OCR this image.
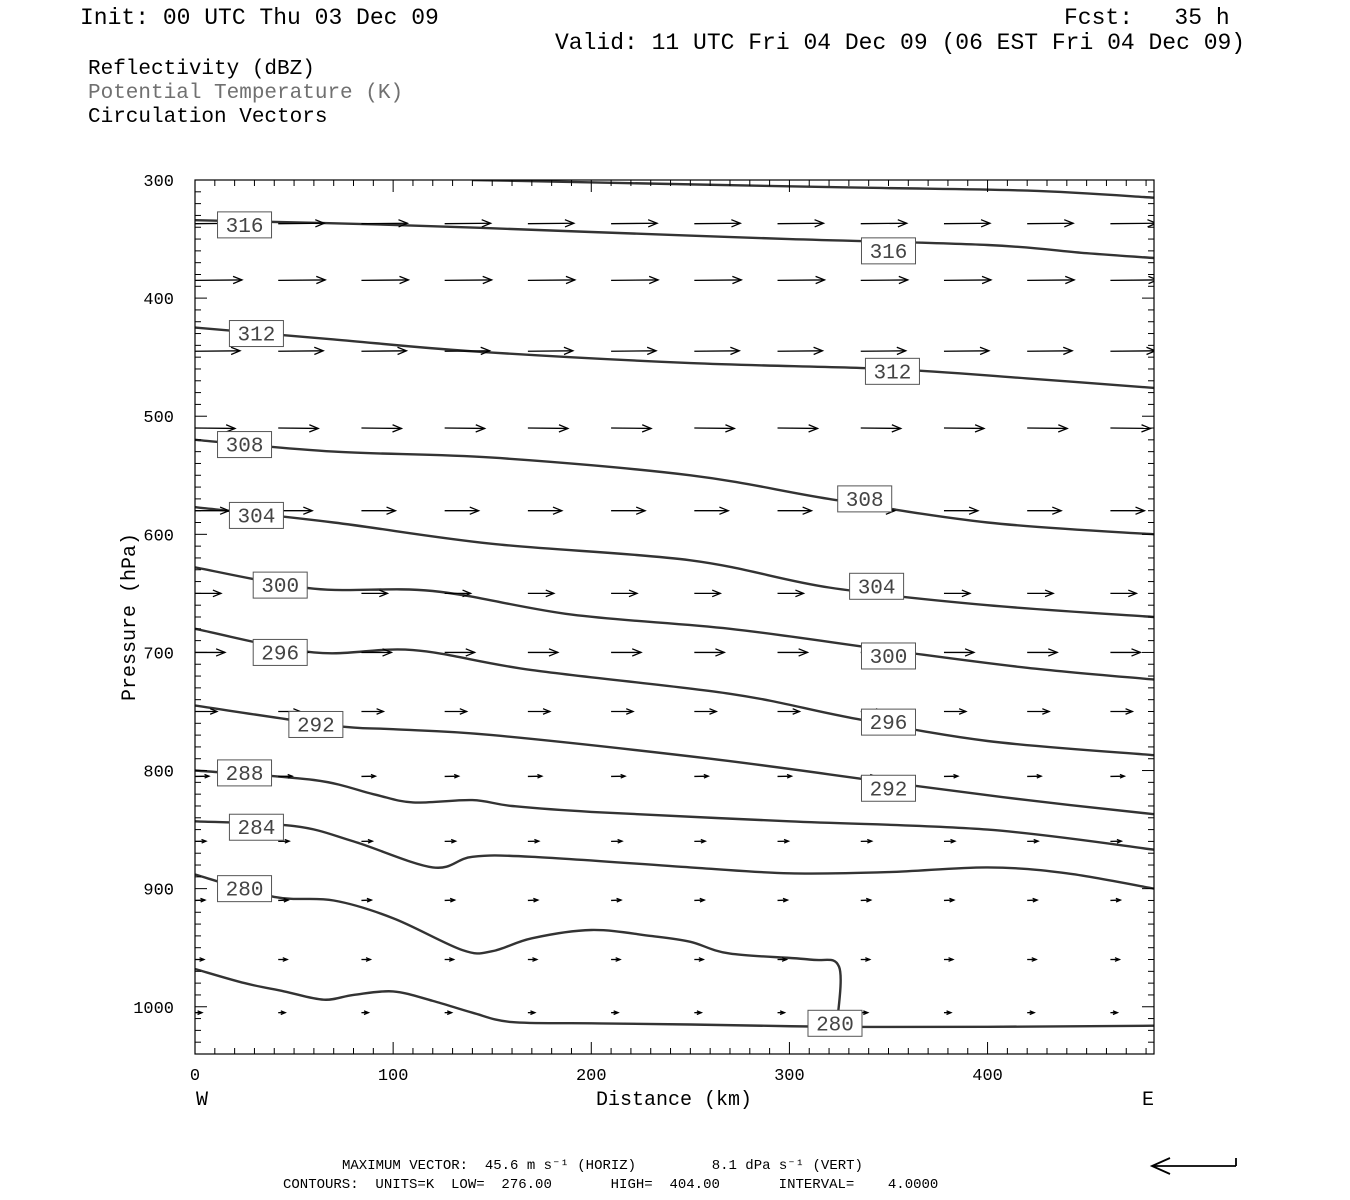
Init: 00 UTC Thu 03 Dec 09	Fcst:   35 h
Valid: 11 UTC Fri 04 Dec 09 (06 EST Fri 04 Dec 09)
Reflectivity (dBZ)
Potential Temperature (K)
Circulation Vectors
316
316
312
312
308
308
304
304
300
300
296
296
292
292
288
284
280
280
0	100	200	300	400
300
400
500
600
700
800
900
1000
Distance (km)
Pressure (hPa)
W	E
MAXIMUM VECTOR:  45.6 m s⁻¹ (HORIZ)         8.1 dPa s⁻¹ (VERT)
CONTOURS:  UNITS=K  LOW=  276.00       HIGH=  404.00       INTERVAL=    4.0000
